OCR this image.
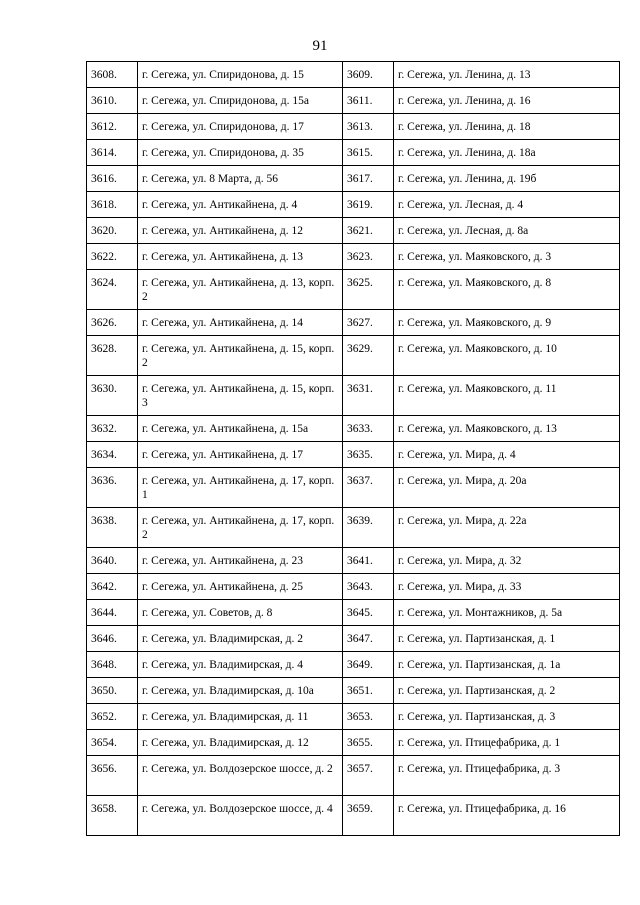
91
3608.	г. Сегежа, ул. Спиридонова, д. 15	3609.	г. Сегежа, ул. Ленина, д. 13
3610.	г. Сегежа, ул. Спиридонова, д. 15а	3611.	г. Сегежа, ул. Ленина, д. 16
3612.	г. Сегежа, ул. Спиридонова, д. 17	3613.	г. Сегежа, ул. Ленина, д. 18
3614.	г. Сегежа, ул. Спиридонова, д. 35	3615.	г. Сегежа, ул. Ленина, д. 18а
3616.	г. Сегежа, ул. 8 Марта, д. 56	3617.	г. Сегежа, ул. Ленина, д. 19б
3618.	г. Сегежа, ул. Антикайнена, д. 4	3619.	г. Сегежа, ул. Лесная, д. 4
3620.	г. Сегежа, ул. Антикайнена, д. 12	3621.	г. Сегежа, ул. Лесная, д. 8а
3622.	г. Сегежа, ул. Антикайнена, д. 13	3623.	г. Сегежа, ул. Маяковского, д. 3
3624.	г. Сегежа, ул. Антикайнена, д. 13, корп. 2	3625.	г. Сегежа, ул. Маяковского, д. 8
3626.	г. Сегежа, ул. Антикайнена, д. 14	3627.	г. Сегежа, ул. Маяковского, д. 9
3628.	г. Сегежа, ул. Антикайнена, д. 15, корп. 2	3629.	г. Сегежа, ул. Маяковского, д. 10
3630.	г. Сегежа, ул. Антикайнена, д. 15, корп. 3	3631.	г. Сегежа, ул. Маяковского, д. 11
3632.	г. Сегежа, ул. Антикайнена, д. 15а	3633.	г. Сегежа, ул. Маяковского, д. 13
3634.	г. Сегежа, ул. Антикайнена, д. 17	3635.	г. Сегежа, ул. Мира, д. 4
3636.	г. Сегежа, ул. Антикайнена, д. 17, корп. 1	3637.	г. Сегежа, ул. Мира, д. 20а
3638.	г. Сегежа, ул. Антикайнена, д. 17, корп. 2	3639.	г. Сегежа, ул. Мира, д. 22а
3640.	г. Сегежа, ул. Антикайнена, д. 23	3641.	г. Сегежа, ул. Мира, д. 32
3642.	г. Сегежа, ул. Антикайнена, д. 25	3643.	г. Сегежа, ул. Мира, д. 33
3644.	г. Сегежа, ул. Советов, д. 8	3645.	г. Сегежа, ул. Монтажников, д. 5а
3646.	г. Сегежа, ул. Владимирская, д. 2	3647.	г. Сегежа, ул. Партизанская, д. 1
3648.	г. Сегежа, ул. Владимирская, д. 4	3649.	г. Сегежа, ул. Партизанская, д. 1а
3650.	г. Сегежа, ул. Владимирская, д. 10а	3651.	г. Сегежа, ул. Партизанская, д. 2
3652.	г. Сегежа, ул. Владимирская, д. 11	3653.	г. Сегежа, ул. Партизанская, д. 3
3654.	г. Сегежа, ул. Владимирская, д. 12	3655.	г. Сегежа, ул. Птицефабрика, д. 1
3656.	г. Сегежа, ул. Волдозерское шоссе, д. 2	3657.	г. Сегежа, ул. Птицефабрика, д. 3
3658.	г. Сегежа, ул. Волдозерское шоссе, д. 4	3659.	г. Сегежа, ул. Птицефабрика, д. 16
